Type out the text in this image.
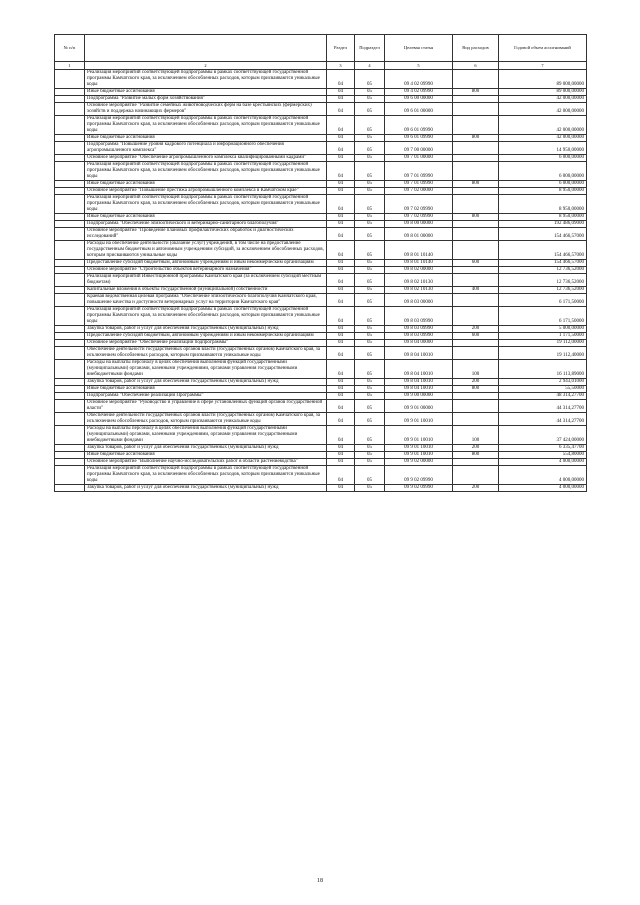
№ п/п		Раздел	Подраздел	Целевая статья	Вид расходов	Годовой объем ассигнований
1	2	3	4	5	6	7
	Реализация мероприятий соответствующей подпрограммы в рамках соответствующей государственной программы Камчатского края, за исключением обособленных расходов, которым присваиваются уникальные коды	04	05	09 4 02 09990		89 000,00000
	Иные бюджетные ассигнования	04	05	09 4 02 09990	800	89 000,00000
	Подпрограмма "Развитие малых форм хозяйствования"	04	05	09 6 00 00000		42 000,00000
	Основное мероприятие "Развитие семейных животноводческих ферм на базе крестьянских (фермерских) хозяйств и поддержка начинающих фермеров"	04	05	09 6 01 00000		42 000,00000
	Реализация мероприятий соответствующей подпрограммы в рамках соответствующей государственной программы Камчатского края, за исключением обособленных расходов, которым присваиваются уникальные коды	04	05	09 6 01 09990		42 000,00000
	Иные бюджетные ассигнования	04	05	09 6 01 09990	800	42 000,00000
	Подпрограмма "Повышение уровня кадрового потенциала и информационного обеспечения агропромышленного комплекса"	04	05	09 7 00 00000		14 950,00000
	Основное мероприятие "Обеспечение агропромышленного комплекса квалифицированными кадрами"	04	05	09 7 01 00000		6 000,00000
	Реализация мероприятий соответствующей подпрограммы в рамках соответствующей государственной программы Камчатского края, за исключением обособленных расходов, которым присваиваются уникальные коды	04	05	09 7 01 09990		6 000,00000
	Иные бюджетные ассигнования	04	05	09 7 01 09990	800	6 000,00000
	Основное мероприятие "Повышение престижа агропромышленного комплекса в Камчатском крае"	04	05	09 7 02 00000		8 950,00000
	Реализация мероприятий соответствующей подпрограммы в рамках соответствующей государственной программы Камчатского края, за исключением обособленных расходов, которым присваиваются уникальные коды	04	05	09 7 02 09990		8 950,00000
	Иные бюджетные ассигнования	04	05	09 7 02 09990	800	8 950,00000
	Подпрограмма "Обеспечение эпизоотического и ветеринарно-санитарного благополучия"	04	05	09 8 00 00000		192 486,09000
	Основное мероприятие "Проведение плановых профилактических обработок и диагностических исследований"	04	05	09 8 01 00000		154 466,57000
	Расходы на обеспечение деятельности (оказание услуг) учреждений, в том числе на предоставление государственным бюджетным и автономным учреждениям субсидий, за исключением обособленных расходов, которым присваиваются уникальные коды	04	05	09 8 01 10140		154 466,57000
	Предоставление субсидий бюджетным, автономным учреждениям и иным некоммерческим организациям	04	05	09 8 01 10140	600	154 466,57000
	Основное мероприятие "Строительство объектов ветеринарного назначения"	04	05	09 8 02 00000		12 736,52000
	Реализация мероприятий Инвестиционной программы Камчатского края (за исключением субсидий местным бюджетам)	04	05	09 8 02 10130		12 736,52000
	Капитальные вложения в объекты государственной (муниципальной) собственности	04	05	09 8 02 10130	400	12 736,52000
	Краевая ведомственная целевая программа "Обеспечение эпизоотического благополучия Камчатского края, повышение качества и доступности ветеринарных услуг на территории Камчатского края"	04	05	09 8 03 00000		6 171,50000
	Реализация мероприятий соответствующей подпрограммы в рамках соответствующей государственной программы Камчатского края, за исключением обособленных расходов, которым присваиваются уникальные коды	04	05	09 8 03 09990		6 171,50000
	Закупка товаров, работ и услуг для обеспечения государственных (муниципальных) нужд	04	05	09 8 03 09990	200	5 000,00000
	Предоставление субсидий бюджетным, автономным учреждениям и иным некоммерческим организациям	04	05	09 8 03 09990	600	1 171,50000
	Основное мероприятие "Обеспечение реализации подпрограммы"	04	05	09 8 04 00000		19 112,00000
	Обеспечение деятельности государственных органов власти (государственных органов) Камчатского края, за исключением обособленных расходов, которым присваиваются уникальные коды	04	05	09 8 04 10010		19 112,40000
	Расходы на выплаты персоналу в целях обеспечения выполнения функций государственными (муниципальными) органами, казенными учреждениями, органами управления государственными внебюджетными фондами	04	05	09 8 04 10010	100	16 113,89000
	Закупка товаров, работ и услуг для обеспечения государственных (муниципальных) нужд	04	05	09 8 04 10010	200	2 943,01000
	Иные бюджетные ассигнования	04	05	09 8 04 10010	800	55,50000
	Подпрограмма "Обеспечение реализации Программы"	04	05	09 9 00 00000		48 314,27700
	Основное мероприятие "Руководство и управление в сфере установленных функций органов государственной власти"	04	05	09 9 01 00000		44 314,27700
	Обеспечение деятельности государственных органов власти (государственных органов) Камчатского края, за исключением обособленных расходов, которым присваиваются уникальные коды	04	05	09 9 01 10010		44 314,27700
	Расходы на выплаты персоналу в целях обеспечения выполнения функций государственными (муниципальными) органами, казенными учреждениями, органами управления государственными внебюджетными фондами	04	05	09 9 01 10010	100	37 424,00000
	Закупка товаров, работ и услуг для обеспечения государственных (муниципальных) нужд	04	05	09 9 01 10010	200	6 335,47700
	Иные бюджетные ассигнования	04	05	09 9 01 10010	800	554,80000
	Основное мероприятие "Выполнение научно-исследовательских работ в области растениеводства"	04	05	09 9 02 00000		4 000,00000
	Реализация мероприятий соответствующей подпрограммы в рамках соответствующей государственной программы Камчатского края, за исключением обособленных расходов, которым присваиваются уникальные коды	04	05	09 9 02 09990		4 000,00000
	Закупка товаров, работ и услуг для обеспечения государственных (муниципальных) нужд	04	05	09 9 02 09990	200	4 000,00000
18
